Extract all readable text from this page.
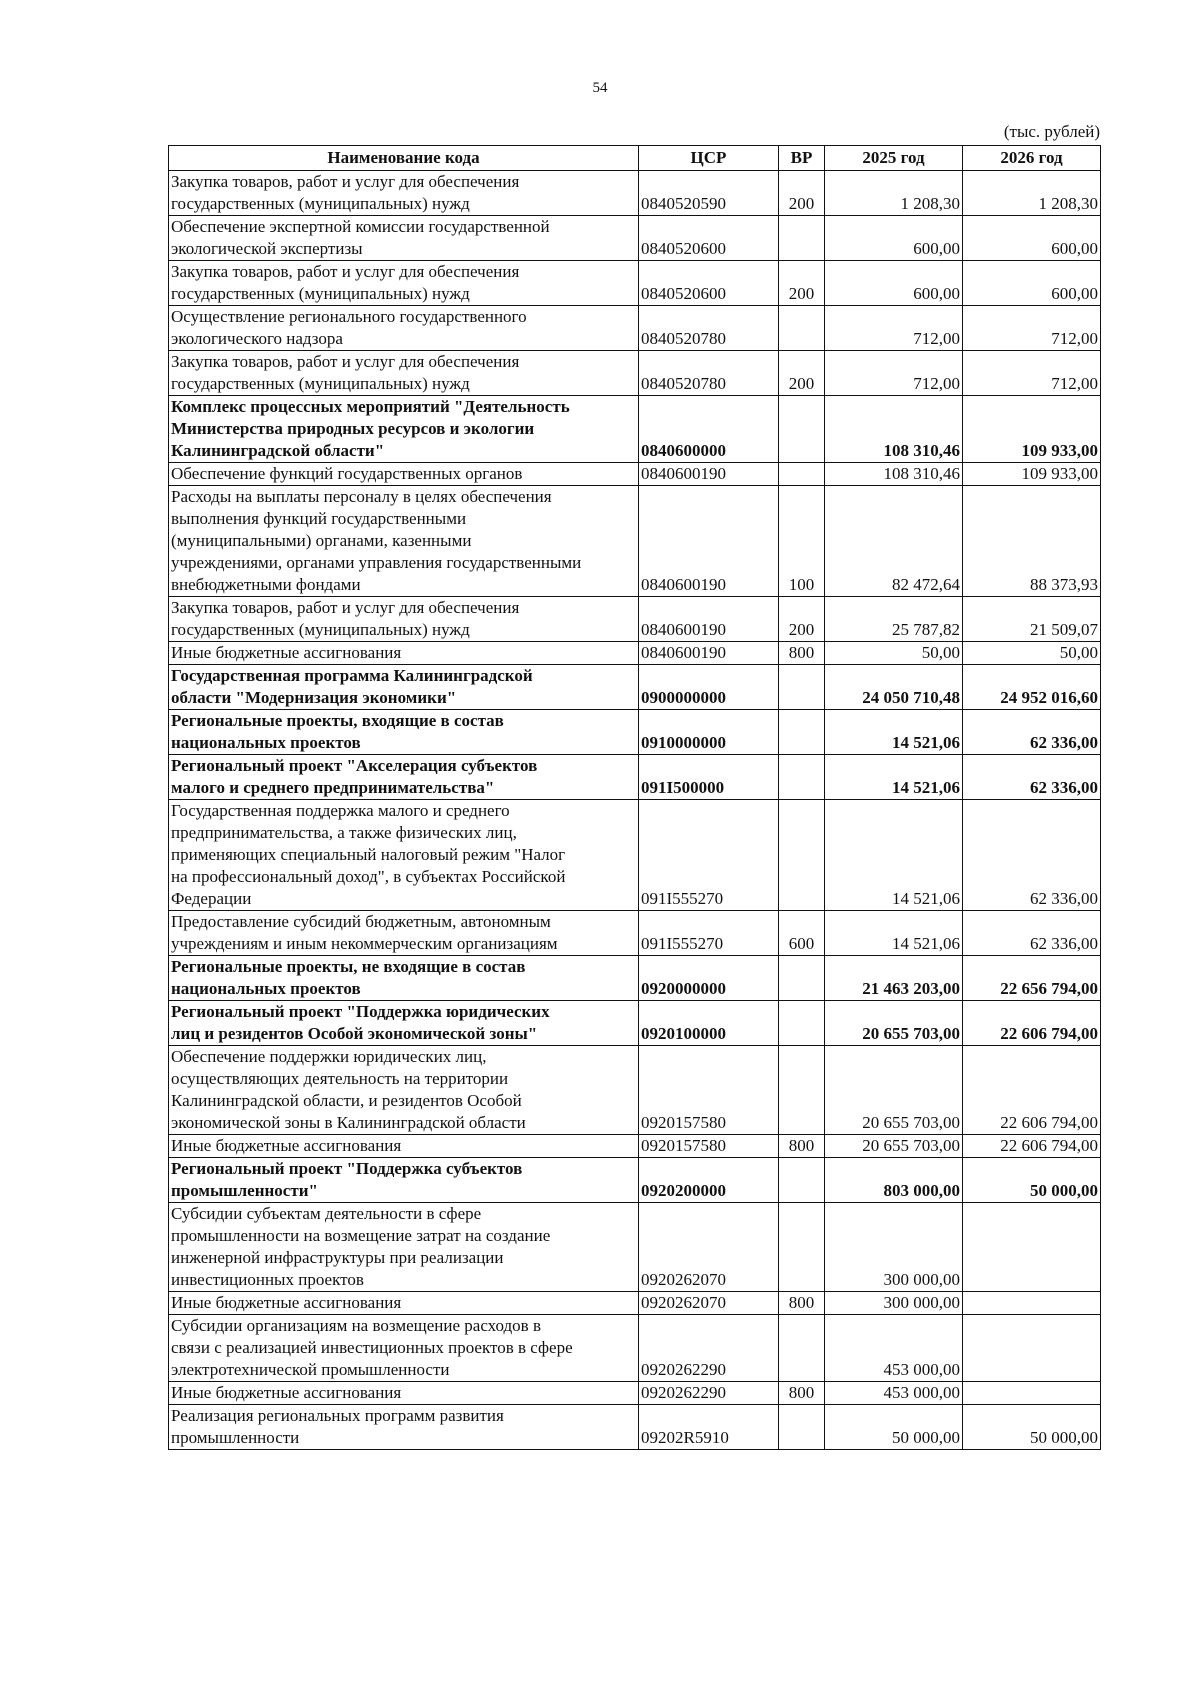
54
(тыс. рублей)
Наименование кода	ЦСР	ВР	2025 год	2026 год
Закупка товаров, работ и услуг для обеспечения
государственных (муниципальных) нужд	0840520590	200	1 208,30	1 208,30
Обеспечение экспертной комиссии государственной
экологической экспертизы	0840520600		600,00	600,00
Закупка товаров, работ и услуг для обеспечения
государственных (муниципальных) нужд	0840520600	200	600,00	600,00
Осуществление регионального государственного
экологического надзора	0840520780		712,00	712,00
Закупка товаров, работ и услуг для обеспечения
государственных (муниципальных) нужд	0840520780	200	712,00	712,00
Комплекс процессных мероприятий "Деятельность
Министерства природных ресурсов и экологии
Калининградской области"	0840600000		108 310,46	109 933,00
Обеспечение функций государственных органов	0840600190		108 310,46	109 933,00
Расходы на выплаты персоналу в целях обеспечения
выполнения функций государственными
(муниципальными) органами, казенными
учреждениями, органами управления государственными
внебюджетными фондами	0840600190	100	82 472,64	88 373,93
Закупка товаров, работ и услуг для обеспечения
государственных (муниципальных) нужд	0840600190	200	25 787,82	21 509,07
Иные бюджетные ассигнования	0840600190	800	50,00	50,00
Государственная программа Калининградской
области "Модернизация экономики"	0900000000		24 050 710,48	24 952 016,60
Региональные проекты, входящие в состав
национальных проектов	0910000000		14 521,06	62 336,00
Региональный проект "Акселерация субъектов
малого и среднего предпринимательства"	091I500000		14 521,06	62 336,00
Государственная поддержка малого и среднего
предпринимательства, а также физических лиц,
применяющих специальный налоговый режим "Налог
на профессиональный доход", в субъектах Российской
Федерации	091I555270		14 521,06	62 336,00
Предоставление субсидий бюджетным, автономным
учреждениям и иным некоммерческим организациям	091I555270	600	14 521,06	62 336,00
Региональные проекты, не входящие в состав
национальных проектов	0920000000		21 463 203,00	22 656 794,00
Региональный проект "Поддержка юридических
лиц и резидентов Особой экономической зоны"	0920100000		20 655 703,00	22 606 794,00
Обеспечение поддержки юридических лиц,
осуществляющих деятельность на территории
Калининградской области, и резидентов Особой
экономической зоны в Калининградской области	0920157580		20 655 703,00	22 606 794,00
Иные бюджетные ассигнования	0920157580	800	20 655 703,00	22 606 794,00
Региональный проект "Поддержка субъектов
промышленности"	0920200000		803 000,00	50 000,00
Субсидии субъектам деятельности в сфере
промышленности на возмещение затрат на создание
инженерной инфраструктуры при реализации
инвестиционных проектов	0920262070		300 000,00	
Иные бюджетные ассигнования	0920262070	800	300 000,00	
Субсидии организациям на возмещение расходов в
связи с реализацией инвестиционных проектов в сфере
электротехнической промышленности	0920262290		453 000,00	
Иные бюджетные ассигнования	0920262290	800	453 000,00	
Реализация региональных программ развития
промышленности	09202R5910		50 000,00	50 000,00
